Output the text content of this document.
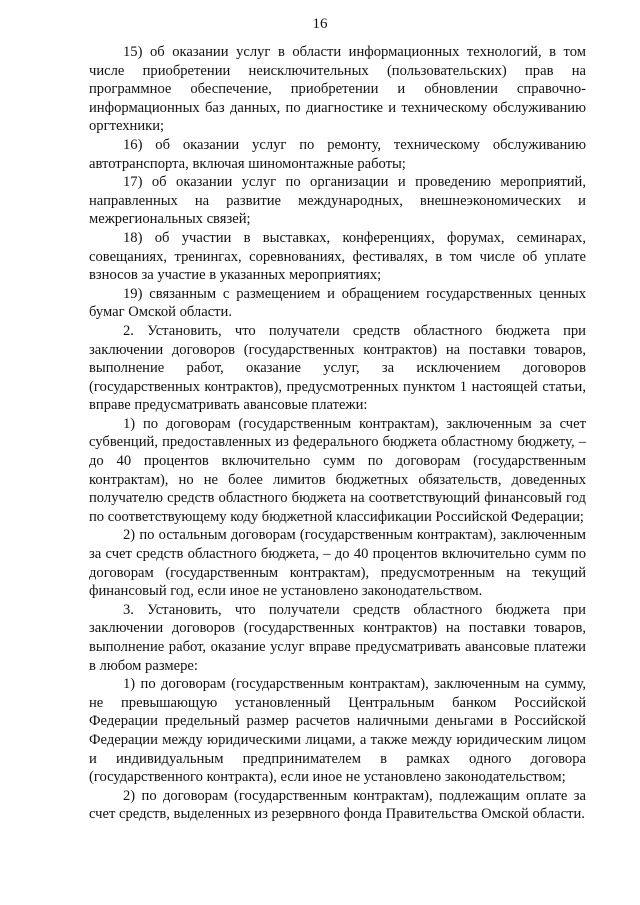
16

15) об оказании услуг в области информационных технологий, в том числе приобретении неисключительных (пользовательских) прав на программное обеспечение, приобретении и обновлении справочно-информационных баз данных, по диагностике и техническому обслуживанию оргтехники;

16) об оказании услуг по ремонту, техническому обслуживанию автотранспорта, включая шиномонтажные работы;

17) об оказании услуг по организации и проведению мероприятий, направленных на развитие международных, внешнеэкономических и межрегиональных связей;

18) об участии в выставках, конференциях, форумах, семинарах, совещаниях, тренингах, соревнованиях, фестивалях, в том числе об уплате взносов за участие в указанных мероприятиях;

19) связанным с размещением и обращением государственных ценных бумаг Омской области.

2. Установить, что получатели средств областного бюджета при заключении договоров (государственных контрактов) на поставки товаров, выполнение работ, оказание услуг, за исключением договоров (государственных контрактов), предусмотренных пунктом 1 настоящей статьи, вправе предусматривать авансовые платежи:

1) по договорам (государственным контрактам), заключенным за счет субвенций, предоставленных из федерального бюджета областному бюджету, – до 40 процентов включительно сумм по договорам (государственным контрактам), но не более лимитов бюджетных обязательств, доведенных получателю средств областного бюджета на соответствующий финансовый год по соответствующему коду бюджетной классификации Российской Федерации;

2) по остальным договорам (государственным контрактам), заключенным за счет средств областного бюджета, – до 40 процентов включительно сумм по договорам (государственным контрактам), предусмотренным на текущий финансовый год, если иное не установлено законодательством.

3. Установить, что получатели средств областного бюджета при заключении договоров (государственных контрактов) на поставки товаров, выполнение работ, оказание услуг вправе предусматривать авансовые платежи в любом размере:

1) по договорам (государственным контрактам), заключенным на сумму, не превышающую установленный Центральным банком Российской Федерации предельный размер расчетов наличными деньгами в Российской Федерации между юридическими лицами, а также между юридическим лицом и индивидуальным предпринимателем в рамках одного договора (государственного контракта), если иное не установлено законодательством;

2) по договорам (государственным контрактам), подлежащим оплате за счет средств, выделенных из резервного фонда Правительства Омской области.
